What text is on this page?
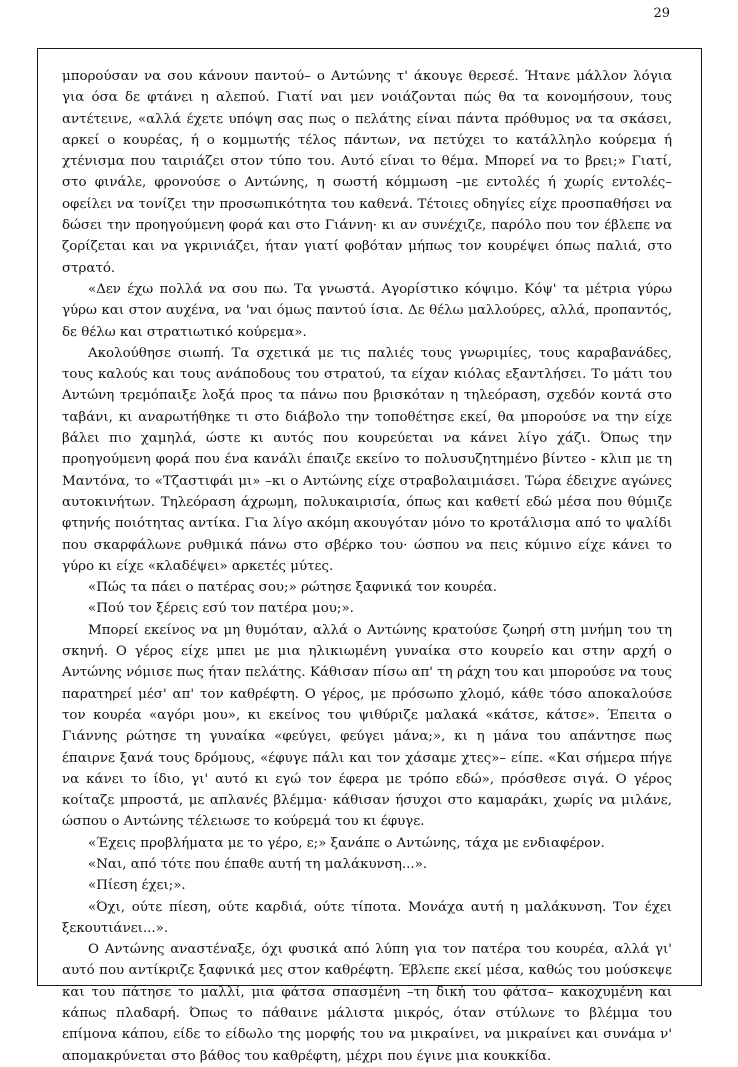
29

μπορούσαν να σου κάνουν παντού– ο Αντώνης τ' άκουγε θερεσέ. Ήτανε μάλλον λόγια για όσα δε φτάνει η αλεπού. Γιατί ναι μεν νοιάζονται πώς θα τα κονομήσουν, τους αντέτεινε, «αλλά έχετε υπόψη σας πως ο πελάτης είναι πάντα πρόθυμος να τα σκάσει, αρκεί ο κουρέας, ή ο κομμωτής τέλος πάντων, να πετύχει το κατάλληλο κούρεμα ή χτένισμα που ταιριάζει στον τύπο του. Αυτό είναι το θέμα. Μπορεί να το βρει;» Γιατί, στο φινάλε, φρονούσε ο Αντώνης, η σωστή κόμμωση –με εντολές ή χωρίς εντολές– οφείλει να τονίζει την προσωπικότητα του καθενά. Τέτοιες οδηγίες είχε προσπαθήσει να δώσει την προηγούμενη φορά και στο Γιάννη· κι αν συνέχιζε, παρόλο που τον έβλεπε να ζορίζεται και να γκρινιάζει, ήταν γιατί φοβόταν μήπως τον κουρέψει όπως παλιά, στο στρατό.

«Δεν έχω πολλά να σου πω. Τα γνωστά. Αγορίστικο κόψιμο. Κόψ' τα μέτρια γύρω γύρω και στον αυχένα, να 'ναι όμως παντού ίσια. Δε θέλω μαλλούρες, αλλά, προπαντός, δε θέλω και στρατιωτικό κούρεμα».

Ακολούθησε σιωπή. Τα σχετικά με τις παλιές τους γνωριμίες, τους καραβανάδες, τους καλούς και τους ανάποδους του στρατού, τα είχαν κιόλας εξαντλήσει. Το μάτι του Αντώνη τρεμόπαιξε λοξά προς τα πάνω που βρισκόταν η τηλεόραση, σχεδόν κοντά στο ταβάνι, κι αναρωτήθηκε τι στο διάβολο την τοποθέτησε εκεί, θα μπορούσε να την είχε βάλει πιο χαμηλά, ώστε κι αυτός που κουρεύεται να κάνει λίγο χάζι. Όπως την προηγούμενη φορά που ένα κανάλι έπαιζε εκείνο το πολυσυζητημένο βίντεο - κλιπ με τη Μαντόνα, το «Τζαστιφάι μι» –κι ο Αντώνης είχε στραβολαιμιάσει. Τώρα έδειχνε αγώνες αυτοκινήτων. Τηλεόραση άχρωμη, πολυκαιρισία, όπως και καθετί εδώ μέσα που θύμιζε φτηνής ποιότητας αντίκα. Για λίγο ακόμη ακουγόταν μόνο το κροτάλισμα από το ψαλίδι που σκαρφάλωνε ρυθμικά πάνω στο σβέρκο του· ώσπου να πεις κύμινο είχε κάνει το γύρο κι είχε «κλαδέψει» αρκετές μύτες.

«Πώς τα πάει ο πατέρας σου;» ρώτησε ξαφνικά τον κουρέα.

«Πού τον ξέρεις εσύ τον πατέρα μου;».

Μπορεί εκείνος να μη θυμόταν, αλλά ο Αντώνης κρατούσε ζωηρή στη μνήμη του τη σκηνή. Ο γέρος είχε μπει με μια ηλικιωμένη γυναίκα στο κουρείο και στην αρχή ο Αντώνης νόμισε πως ήταν πελάτης. Κάθισαν πίσω απ' τη ράχη του και μπορούσε να τους παρατηρεί μέσ' απ' τον καθρέφτη. Ο γέρος, με πρόσωπο χλομό, κάθε τόσο αποκαλούσε τον κουρέα «αγόρι μου», κι εκείνος του ψιθύριζε μαλακά «κάτσε, κάτσε». Έπειτα ο Γιάννης ρώτησε τη γυναίκα «φεύγει, φεύγει μάνα;», κι η μάνα του απάντησε πως έπαιρνε ξανά τους δρόμους, «έφυγε πάλι και τον χάσαμε χτες»– είπε. «Και σήμερα πήγε να κάνει το ίδιο, γι' αυτό κι εγώ τον έφερα με τρόπο εδώ», πρόσθεσε σιγά. Ο γέρος κοίταζε μπροστά, με απλανές βλέμμα· κάθισαν ήσυχοι στο καμαράκι, χωρίς να μιλάνε, ώσπου ο Αντώνης τέλειωσε το κούρεμά του κι έφυγε.

«Έχεις προβλήματα με το γέρο, ε;» ξανάπε ο Αντώνης, τάχα με ενδιαφέρον.

«Ναι, από τότε που έπαθε αυτή τη μαλάκυνση...».

«Πίεση έχει;».

«Όχι, ούτε πίεση, ούτε καρδιά, ούτε τίποτα. Μονάχα αυτή η μαλάκυνση. Τον έχει ξεκουτιάνει...».

Ο Αντώνης αναστέναξε, όχι φυσικά από λύπη για τον πατέρα του κουρέα, αλλά γι' αυτό που αντίκριζε ξαφνικά μες στον καθρέφτη. Έβλεπε εκεί μέσα, καθώς του μούσκεψε και του πάτησε το μαλλί, μια φάτσα σπασμένη –τη δική του φάτσα– κακοχυμένη και κάπως πλαδαρή. Όπως το πάθαινε μάλιστα μικρός, όταν στύλωνε το βλέμμα του επίμονα κάπου, είδε το είδωλο της μορφής του να μικραίνει, να μικραίνει και συνάμα ν' απομακρύνεται στο βάθος του καθρέφτη, μέχρι που έγινε μια κουκκίδα.
